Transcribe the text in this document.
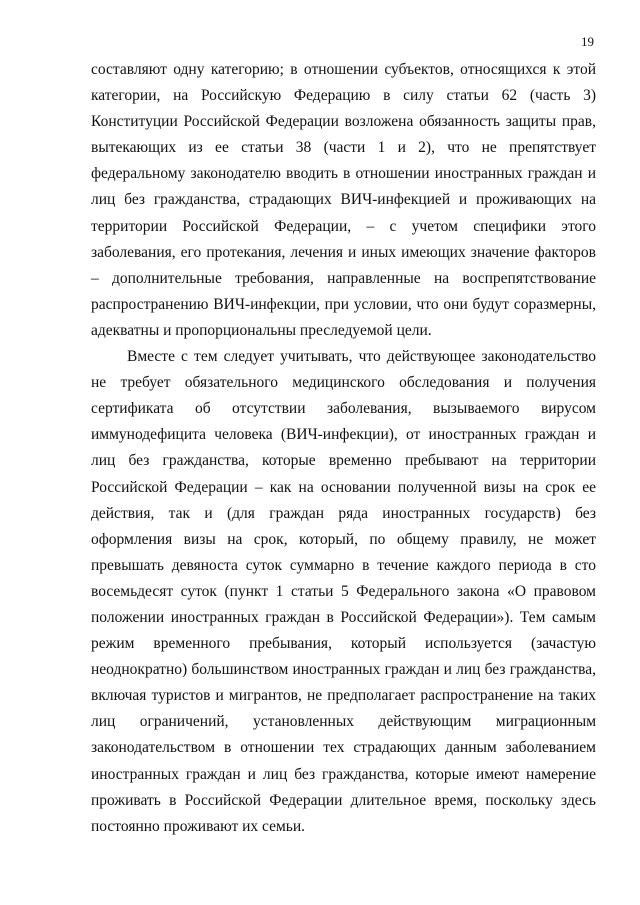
19

составляют одну категорию; в отношении субъектов, относящихся к этой категории, на Российскую Федерацию в силу статьи 62 (часть 3) Конституции Российской Федерации возложена обязанность защиты прав, вытекающих из ее статьи 38 (части 1 и 2), что не препятствует федеральному законодателю вводить в отношении иностранных граждан и лиц без гражданства, страдающих ВИЧ-инфекцией и проживающих на территории Российской Федерации, – с учетом специфики этого заболевания, его протекания, лечения и иных имеющих значение факторов – дополнительные требования, направленные на воспрепятствование распространению ВИЧ-инфекции, при условии, что они будут соразмерны, адекватны и пропорциональны преследуемой цели.

Вместе с тем следует учитывать, что действующее законодательство не требует обязательного медицинского обследования и получения сертификата об отсутствии заболевания, вызываемого вирусом иммунодефицита человека (ВИЧ-инфекции), от иностранных граждан и лиц без гражданства, которые временно пребывают на территории Российской Федерации – как на основании полученной визы на срок ее действия, так и (для граждан ряда иностранных государств) без оформления визы на срок, который, по общему правилу, не может превышать девяноста суток суммарно в течение каждого периода в сто восемьдесят суток (пункт 1 статьи 5 Федерального закона «О правовом положении иностранных граждан в Российской Федерации»). Тем самым режим временного пребывания, который используется (зачастую неоднократно) большинством иностранных граждан и лиц без гражданства, включая туристов и мигрантов, не предполагает распространение на таких лиц ограничений, установленных действующим миграционным законодательством в отношении тех страдающих данным заболеванием иностранных граждан и лиц без гражданства, которые имеют намерение проживать в Российской Федерации длительное время, поскольку здесь постоянно проживают их семьи.
